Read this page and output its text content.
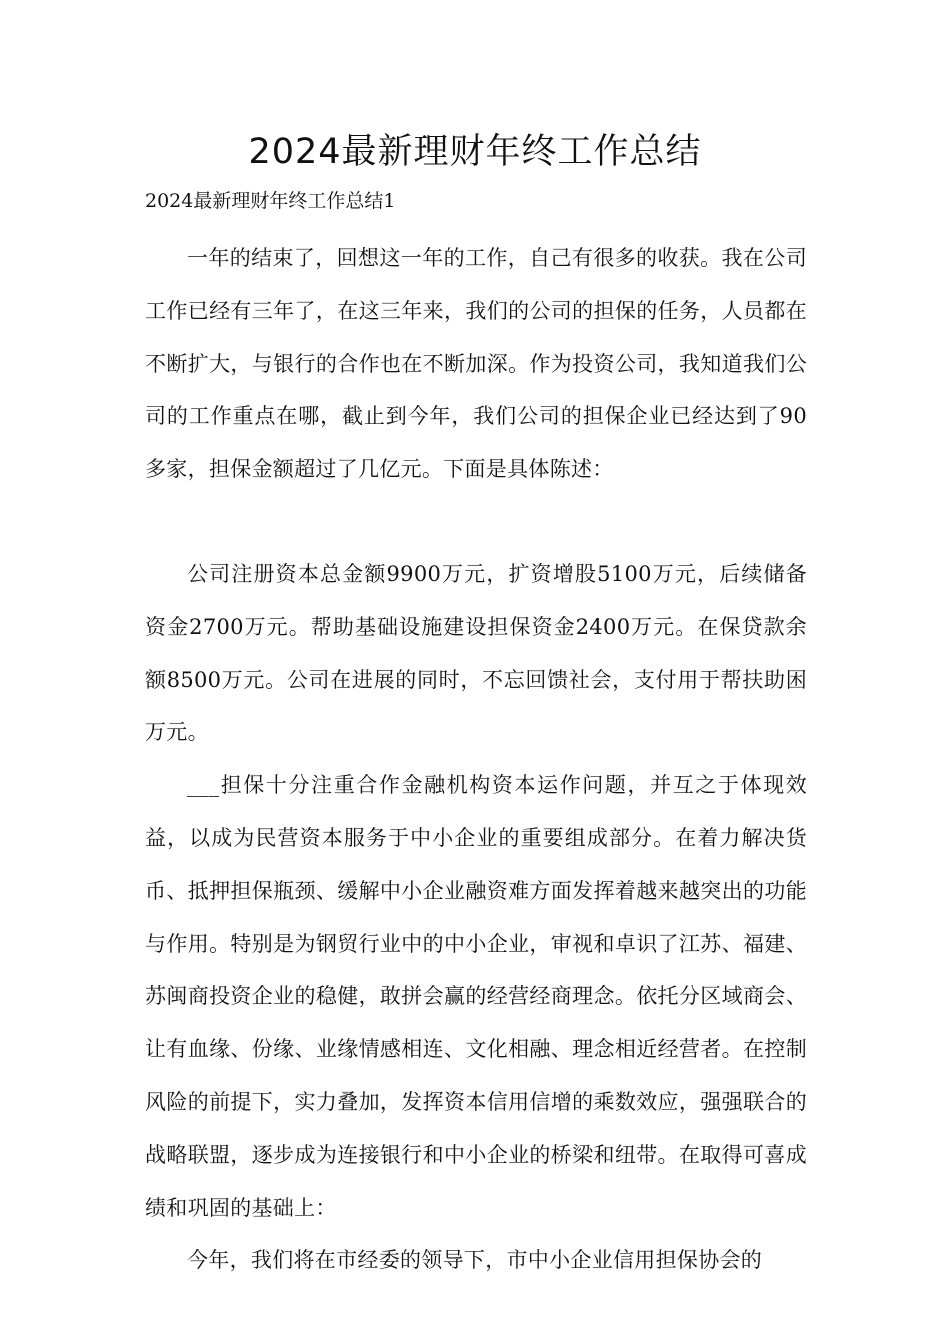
2024最新理财年终工作总结

2024最新理财年终工作总结1

一年的结束了，回想这一年的工作，自己有很多的收获。我在公司工作已经有三年了，在这三年来，我们的公司的担保的任务，人员都在不断扩大，与银行的合作也在不断加深。作为投资公司，我知道我们公司的工作重点在哪，截止到今年，我们公司的担保企业已经达到了90多家，担保金额超过了几亿元。下面是具体陈述：

公司注册资本总金额9900万元，扩资增股5100万元，后续储备资金2700万元。帮助基础设施建设担保资金2400万元。在保贷款余额8500万元。公司在进展的同时，不忘回馈社会，支付用于帮扶助困万元。

___担保十分注重合作金融机构资本运作问题，并互之于体现效益，以成为民营资本服务于中小企业的重要组成部分。在着力解决货币、抵押担保瓶颈、缓解中小企业融资难方面发挥着越来越突出的功能与作用。特别是为钢贸行业中的中小企业，审视和卓识了江苏、福建、苏闽商投资企业的稳健，敢拼会赢的经营经商理念。依托分区域商会、让有血缘、份缘、业缘情感相连、文化相融、理念相近经营者。在控制风险的前提下，实力叠加，发挥资本信用信增的乘数效应，强强联合的战略联盟，逐步成为连接银行和中小企业的桥梁和纽带。在取得可喜成绩和巩固的基础上：

今年，我们将在市经委的领导下，市中小企业信用担保协会的
